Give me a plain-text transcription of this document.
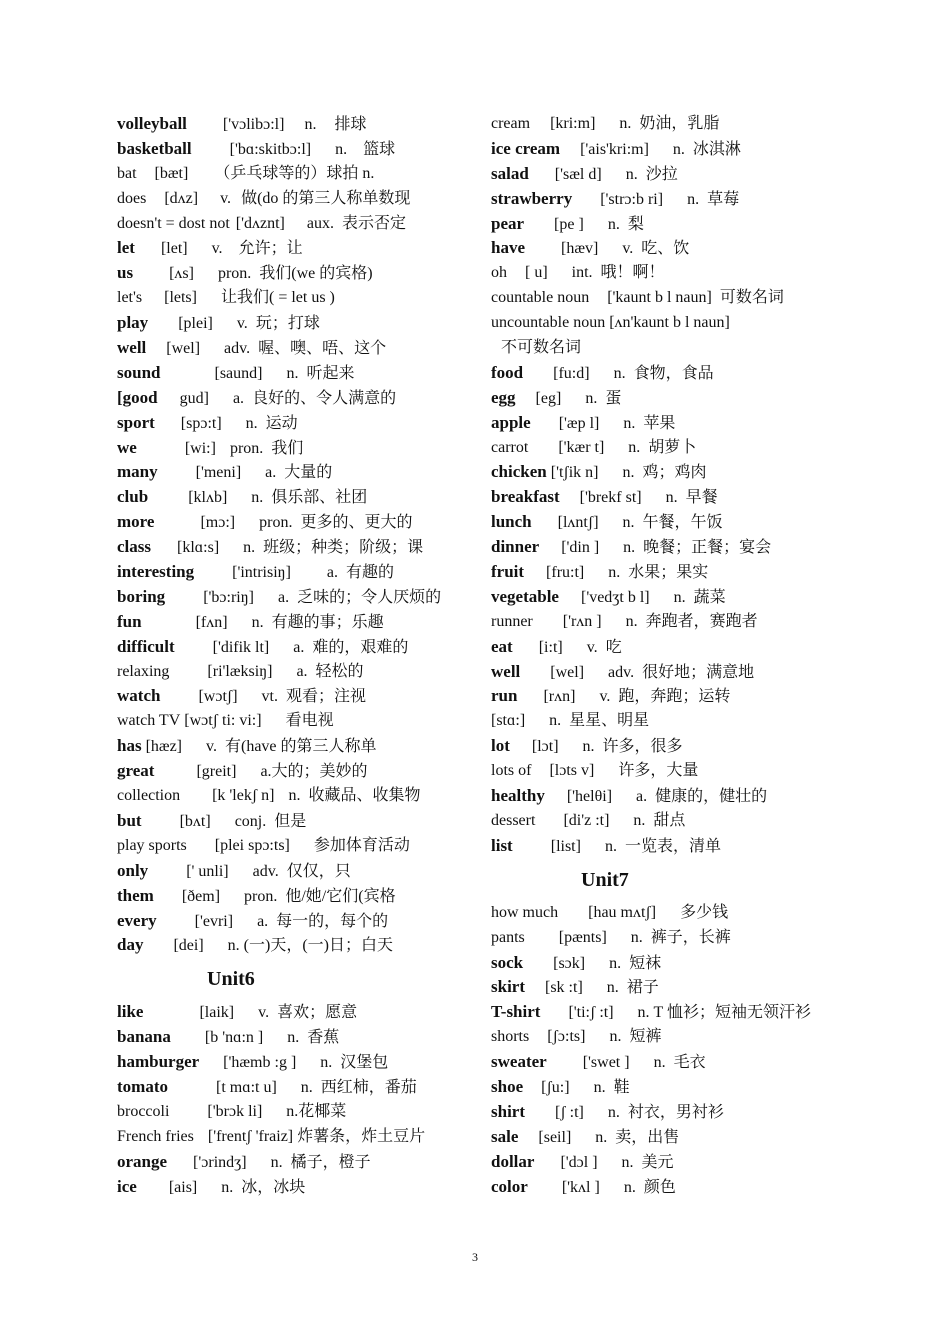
volleyball ['vɔlibɔ:l] n. 排球
basketball ['bɑ:skitbɔ:l] n. 篮球
bat [bæt] （乒乓球等的）球拍 n.
does [dʌz] v. 做(do 的第三人称单数现
doesn't = dost not ['dʌznt] aux. 表示否定
let [let] v. 允许；让
us [ʌs] pron. 我们(we 的宾格)
let's [lets] 让我们( = let us )
play [plei] v. 玩；打球
well [wel] adv. 喔、噢、唔、这个
sound	[saund] n. 听起来
[good gud] a. 良好的、令人满意的
sport [spɔ:t] n. 运动
we	[wi:] pron. 我们
many ['meni] a. 大量的
club	[klʌb] n. 俱乐部、社团
more	[mɔ:] pron. 更多的、更大的
class [klɑ:s] n. 班级；种类；阶级；课
interesting ['intrisiŋ] a. 有趣的
boring ['bɔ:riŋ] a. 乏味的；令人厌烦的
fun	[fʌn] n. 有趣的事；乐趣
difficult ['difik lt] a. 难的，艰难的
relaxing [ri'læksiŋ] a. 轻松的
watch [wɔtʃ] vt. 观看；注视
watch TV [wɔtʃ ti: vi:] 看电视
has [hæz] v. 有(have 的第三人称单
great	[greit] a. 大的；美妙的
collection [k 'lekʃ n] n. 收藏品、收集物
but [bʌt] conj. 但是
play sports [plei spɔ:ts] 参加体育活动
only [' unli] adv. 仅仅，只
them [ðem] pron. 他/她/它们(宾格
every ['evri] a. 每一的，每个的
day [dei] n. (一)天，(一)日；白天
Unit6
like	[laik] v. 喜欢；愿意
banana [b 'nɑ:n ] n. 香蕉
hamburger ['hæmb :g ] n. 汉堡包
tomato	[t mɑ:t u] n. 西红柿，番茄
broccoli ['brɔk li] n. 花椰菜
French fries ['frentʃ 'fraiz] 炸薯条，炸土豆片
orange ['ɔrindʒ] n. 橘子，橙子
ice [ais] n. 冰，冰块
cream [kri:m] n. 奶油，乳脂
ice cream ['ais'kri:m] n. 冰淇淋
salad ['sæl d] n. 沙拉
strawberry ['strɔ:b ri] n. 草莓
pear [pe ] n. 梨
have [hæv] v. 吃、饮
oh [ u] int. 哦！啊！
countable noun ['kaunt b l naun] 可数名词
uncountable noun [ʌn'kaunt b l naun]
不可数名词
food [fu:d] n. 食物，食品
egg [eg] n. 蛋
apple ['æp l] n. 苹果
carrot ['kær t] n. 胡萝卜
chicken ['tʃik n] n. 鸡；鸡肉
breakfast ['brekf st] n. 早餐
lunch [lʌntʃ] n. 午餐，午饭
dinner ['din ] n. 晚餐；正餐；宴会
fruit [fru:t] n. 水果；果实
vegetable ['vedʒt b l] n. 蔬菜
runner ['rʌn ] n. 奔跑者，赛跑者
eat [i:t] v. 吃
well [wel] adv. 很好地；满意地
run [rʌn] v. 跑，奔跑；运转
[stɑ:] n. 星星、明星
lot [lɔt] n. 许多，很多
lots of [lɔts v] 许多，大量
healthy ['helθi] a. 健康的，健壮的
dessert [di'z :t] n. 甜点
list [list] n. 一览表，清单
Unit7
how much [hau mʌtʃ] 多少钱
pants [pænts] n. 裤子，长裤
sock [sɔk] n. 短袜
skirt [sk :t] n. 裙子
T-shirt ['ti:ʃ :t] n. T 恤衫；短袖无领汗衫
shorts [ʃɔ:ts] n. 短裤
sweater ['swet ] n. 毛衣
shoe [ʃu:] n. 鞋
shirt [ʃ :t] n. 衬衣，男衬衫
sale [seil] n. 卖，出售
dollar ['dɔl ] n. 美元
color ['kʌl ] n. 颜色
3
